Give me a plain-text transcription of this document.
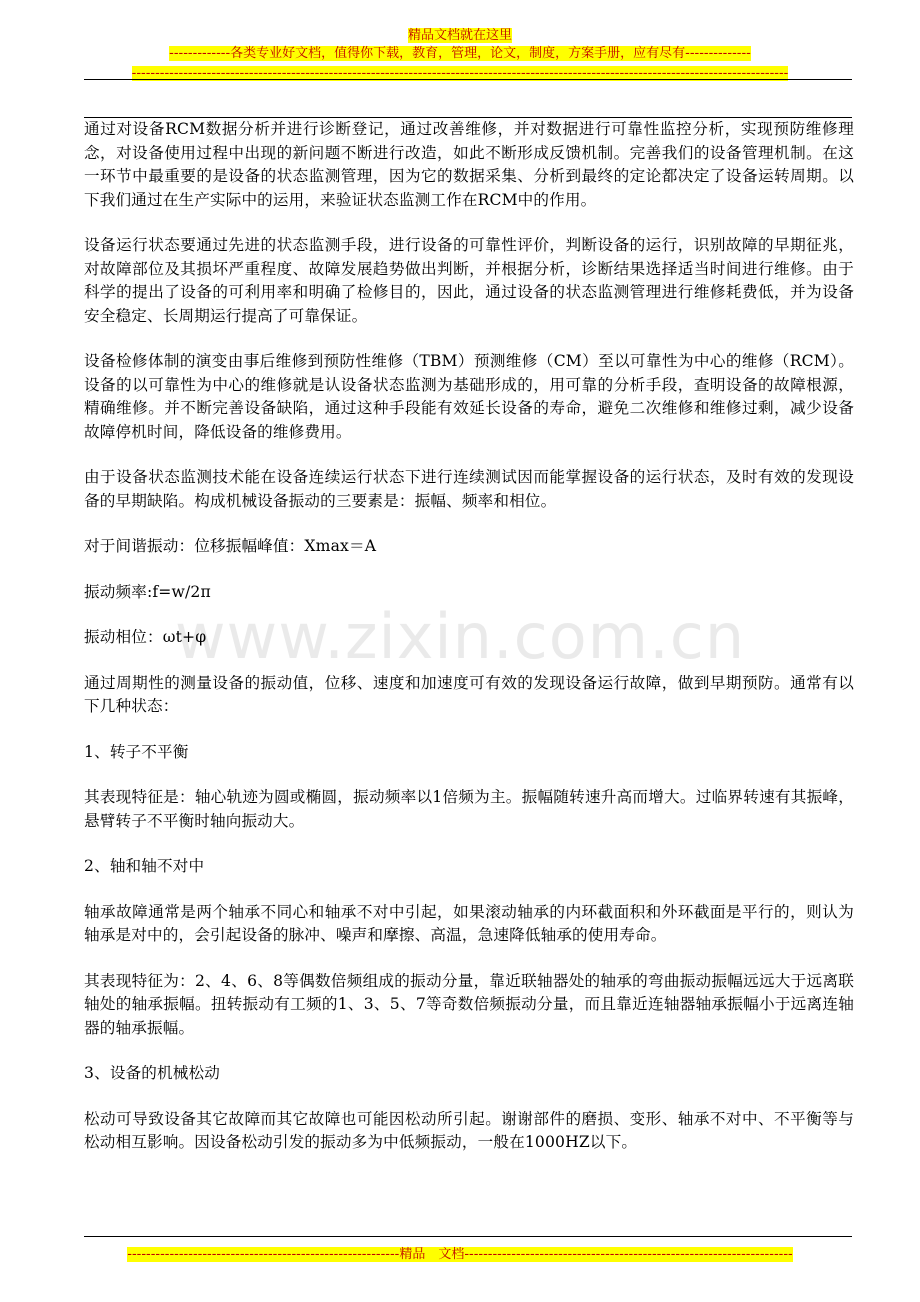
精品文档就在这里
-------------各类专业好文档，值得你下载，教育，管理，论文，制度，方案手册，应有尽有--------------
--------------------------------------------------------------------------------------------------------------------------------------------
www.zixin.com.cn

通过对设备RCM数据分析并进行诊断登记，通过改善维修，并对数据进行可靠性监控分析，实现预防维修理念，对设备使用过程中出现的新问题不断进行改造，如此不断形成反馈机制。完善我们的设备管理机制。在这一环节中最重要的是设备的状态监测管理，因为它的数据采集、分析到最终的定论都决定了设备运转周期。以下我们通过在生产实际中的运用，来验证状态监测工作在RCM中的作用。

设备运行状态要通过先进的状态监测手段，进行设备的可靠性评价，判断设备的运行，识别故障的早期征兆，对故障部位及其损坏严重程度、故障发展趋势做出判断，并根据分析，诊断结果选择适当时间进行维修。由于科学的提出了设备的可利用率和明确了检修目的，因此，通过设备的状态监测管理进行维修耗费低，并为设备安全稳定、长周期运行提高了可靠保证。

设备检修体制的演变由事后维修到预防性维修（TBM）预测维修（CM）至以可靠性为中心的维修（RCM）。设备的以可靠性为中心的维修就是认设备状态监测为基础形成的，用可靠的分析手段，查明设备的故障根源，精确维修。并不断完善设备缺陷，通过这种手段能有效延长设备的寿命，避免二次维修和维修过剩，减少设备故障停机时间，降低设备的维修费用。

由于设备状态监测技术能在设备连续运行状态下进行连续测试因而能掌握设备的运行状态，及时有效的发现设备的早期缺陷。构成机械设备振动的三要素是：振幅、频率和相位。

对于间谐振动：位移振幅峰值：Xmax＝A

振动频率:f=w/2π

振动相位：ωt+φ

通过周期性的测量设备的振动值，位移、速度和加速度可有效的发现设备运行故障，做到早期预防。通常有以下几种状态：

1、转子不平衡

其表现特征是：轴心轨迹为圆或椭圆，振动频率以1倍频为主。振幅随转速升高而增大。过临界转速有其振峰，悬臂转子不平衡时轴向振动大。

2、轴和轴不对中

轴承故障通常是两个轴承不同心和轴承不对中引起，如果滚动轴承的内环截面积和外环截面是平行的，则认为轴承是对中的，会引起设备的脉冲、噪声和摩擦、高温，急速降低轴承的使用寿命。

其表现特征为：2、4、6、8等偶数倍频组成的振动分量，靠近联轴器处的轴承的弯曲振动振幅远远大于远离联轴处的轴承振幅。扭转振动有工频的1、3、5、7等奇数倍频振动分量，而且靠近连轴器轴承振幅小于远离连轴器的轴承振幅。

3、设备的机械松动

松动可导致设备其它故障而其它故障也可能因松动所引起。谢谢部件的磨损、变形、轴承不对中、不平衡等与松动相互影响。因设备松动引发的振动多为中低频振动，一般在1000HZ以下。

----------------------------------------------------------精品　文档----------------------------------------------------------------------
